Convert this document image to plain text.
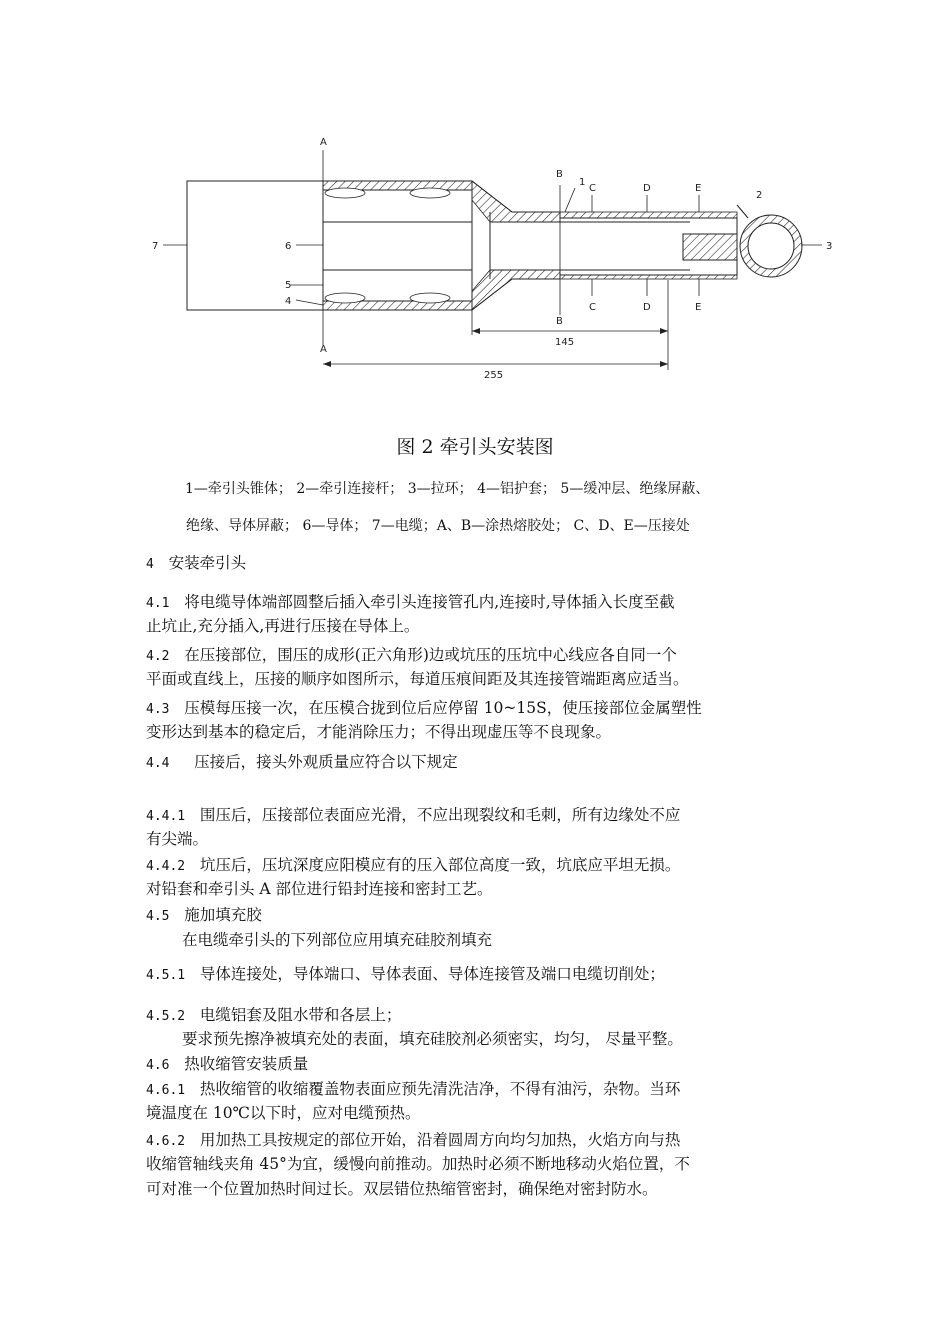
A
A
B
B
1
C
C
D
D
E
E
2
3
4
5
6
7
145
255
图 2 牵引头安装图
1—牵引头锥体； 2—牵引连接杆； 3—拉环； 4—铝护套； 5—缓冲层、绝缘屏蔽、
绝缘、导体屏蔽； 6—导体； 7—电缆；A、B—涂热熔胶处； C、D、E—压接处
4 安装牵引头
4.1 将电缆导体端部圆整后插入牵引头连接管孔内,连接时,导体插入长度至截
止坑止,充分插入,再进行压接在导体上。
4.2 在压接部位，围压的成形(正六角形)边或坑压的压坑中心线应各自同一个
平面或直线上，压接的顺序如图所示，每道压痕间距及其连接管端距离应适当。
4.3 压模每压接一次，在压模合拢到位后应停留 10~15S，使压接部位金属塑性
变形达到基本的稳定后，才能消除压力；不得出现虚压等不良现象。
4.4 压接后，接头外观质量应符合以下规定
4.4.1 围压后，压接部位表面应光滑，不应出现裂纹和毛刺，所有边缘处不应
有尖端。
4.4.2 坑压后，压坑深度应阳模应有的压入部位高度一致，坑底应平坦无损。
对铅套和牵引头 A 部位进行铅封连接和密封工艺。
4.5 施加填充胶
在电缆牵引头的下列部位应用填充硅胶剂填充
4.5.1 导体连接处，导体端口、导体表面、导体连接管及端口电缆切削处；
4.5.2 电缆铝套及阻水带和各层上；
要求预先擦净被填充处的表面，填充硅胶剂必须密实，均匀， 尽量平整。
4.6 热收缩管安装质量
4.6.1 热收缩管的收缩覆盖物表面应预先清洗洁净，不得有油污，杂物。当环
境温度在 10℃以下时，应对电缆预热。
4.6.2 用加热工具按规定的部位开始，沿着圆周方向均匀加热，火焰方向与热
收缩管轴线夹角 45°为宜，缓慢向前推动。加热时必须不断地移动火焰位置，不
可对准一个位置加热时间过长。双层错位热缩管密封，确保绝对密封防水。
